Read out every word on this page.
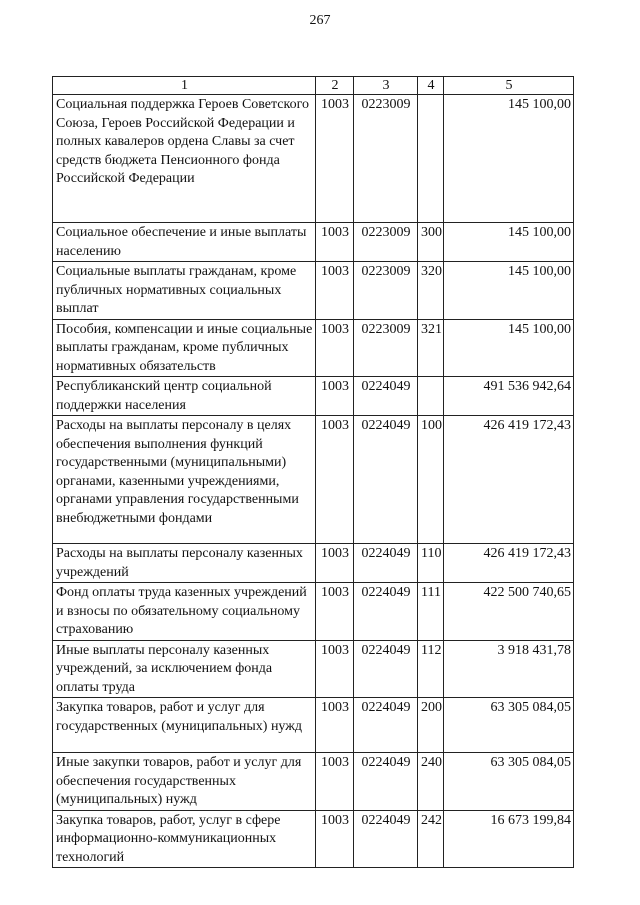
267
1	2	3	4	5
Социальная поддержка Героев Советского Союза, Героев Российской Федерации и полных кавалеров ордена Славы за счет средств бюджета Пенсионного фонда Российской Федерации	1003	0223009		145 100,00
Социальное обеспечение и иные выплаты населению	1003	0223009	300	145 100,00
Социальные выплаты гражданам, кроме публичных нормативных социальных выплат	1003	0223009	320	145 100,00
Пособия, компенсации и иные социальные выплаты гражданам, кроме публичных нормативных обязательств	1003	0223009	321	145 100,00
Республиканский центр социальной поддержки населения	1003	0224049		491 536 942,64
Расходы на выплаты персоналу в целях обеспечения выполнения функций государственными (муниципальными) органами, казенными учреждениями, органами управления государственными внебюджетными фондами	1003	0224049	100	426 419 172,43
Расходы на выплаты персоналу казенных учреждений	1003	0224049	110	426 419 172,43
Фонд оплаты труда казенных учреждений и взносы по обязательному социальному страхованию	1003	0224049	111	422 500 740,65
Иные выплаты персоналу казенных учреждений, за исключением фонда оплаты труда	1003	0224049	112	3 918 431,78
Закупка товаров, работ и услуг для государственных (муниципальных) нужд	1003	0224049	200	63 305 084,05
Иные закупки товаров, работ и услуг для обеспечения государственных (муниципальных) нужд	1003	0224049	240	63 305 084,05
Закупка товаров, работ, услуг в сфере информационно-коммуникационных технологий	1003	0224049	242	16 673 199,84
